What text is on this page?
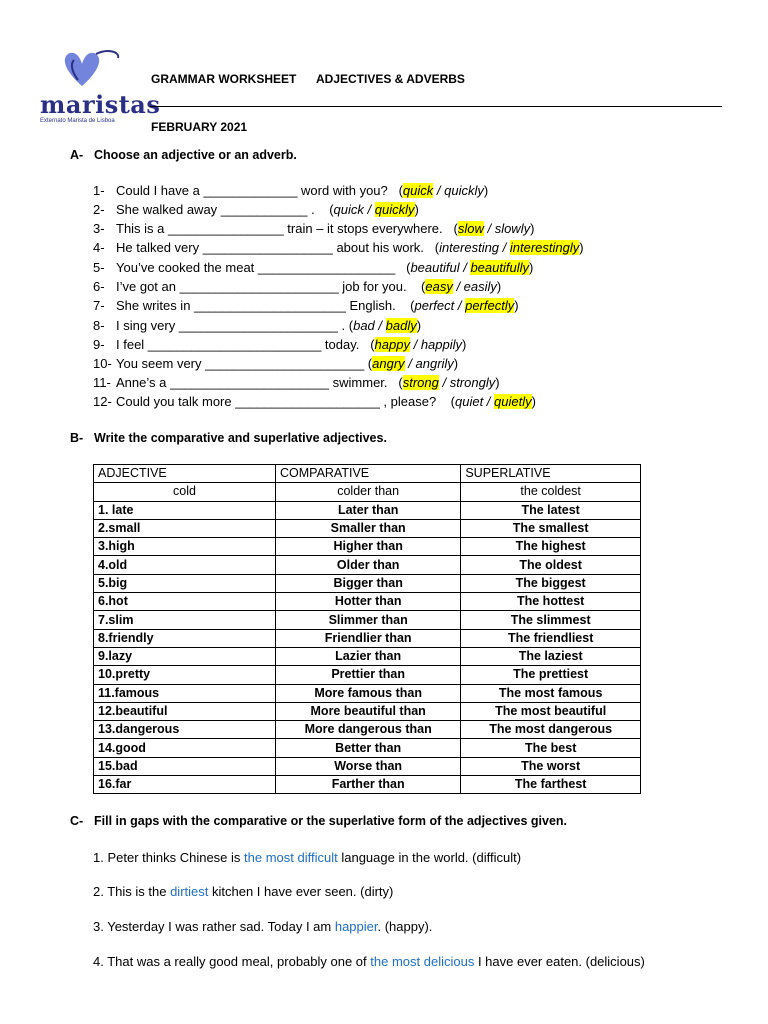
maristas
Externato Marista de Lisboa
GRAMMAR WORKSHEET ADJECTIVES & ADVERBS
FEBRUARY 2021
A- Choose an adjective or an adverb.
1- Could I have a _____________ word with you?   (quick / quickly)
2- She walked away ____________ .    (quick / quickly)
3- This is a ________________ train – it stops everywhere.   (slow / slowly)
4- He talked very __________________ about his work.   (interesting / interestingly)
5- You’ve cooked the meat ___________________   (beautiful / beautifully)
6- I’ve got an ______________________ job for you.    (easy / easily)
7- She writes in _____________________ English.    (perfect / perfectly)
8- I sing very ______________________ . (bad / badly)
9- I feel ________________________ today.   (happy / happily)
10- You seem very ______________________ (angry / angrily)
11- Anne’s a ______________________ swimmer.   (strong / strongly)
12- Could you talk more ____________________ , please?    (quiet / quietly)
B- Write the comparative and superlative adjectives.
ADJECTIVE	COMPARATIVE	SUPERLATIVE
cold	colder than	the coldest
1. late	Later than	The latest
2.small	Smaller than	The smallest
3.high	Higher than	The highest
4.old	Older than	The oldest
5.big	Bigger than	The biggest
6.hot	Hotter than	The hottest
7.slim	Slimmer than	The slimmest
8.friendly	Friendlier than	The friendliest
9.lazy	Lazier than	The laziest
10.pretty	Prettier than	The prettiest
11.famous	More famous than	The most famous
12.beautiful	More beautiful than	The most beautiful
13.dangerous	More dangerous than	The most dangerous
14.good	Better than	The best
15.bad	Worse than	The worst
16.far	Farther than	The farthest
C- Fill in gaps with the comparative or the superlative form of the adjectives given.
1. Peter thinks Chinese is the most difficult language in the world. (difficult)
2. This is the dirtiest kitchen I have ever seen. (dirty)
3. Yesterday I was rather sad. Today I am happier. (happy).
4. That was a really good meal, probably one of the most delicious I have ever eaten. (delicious)
